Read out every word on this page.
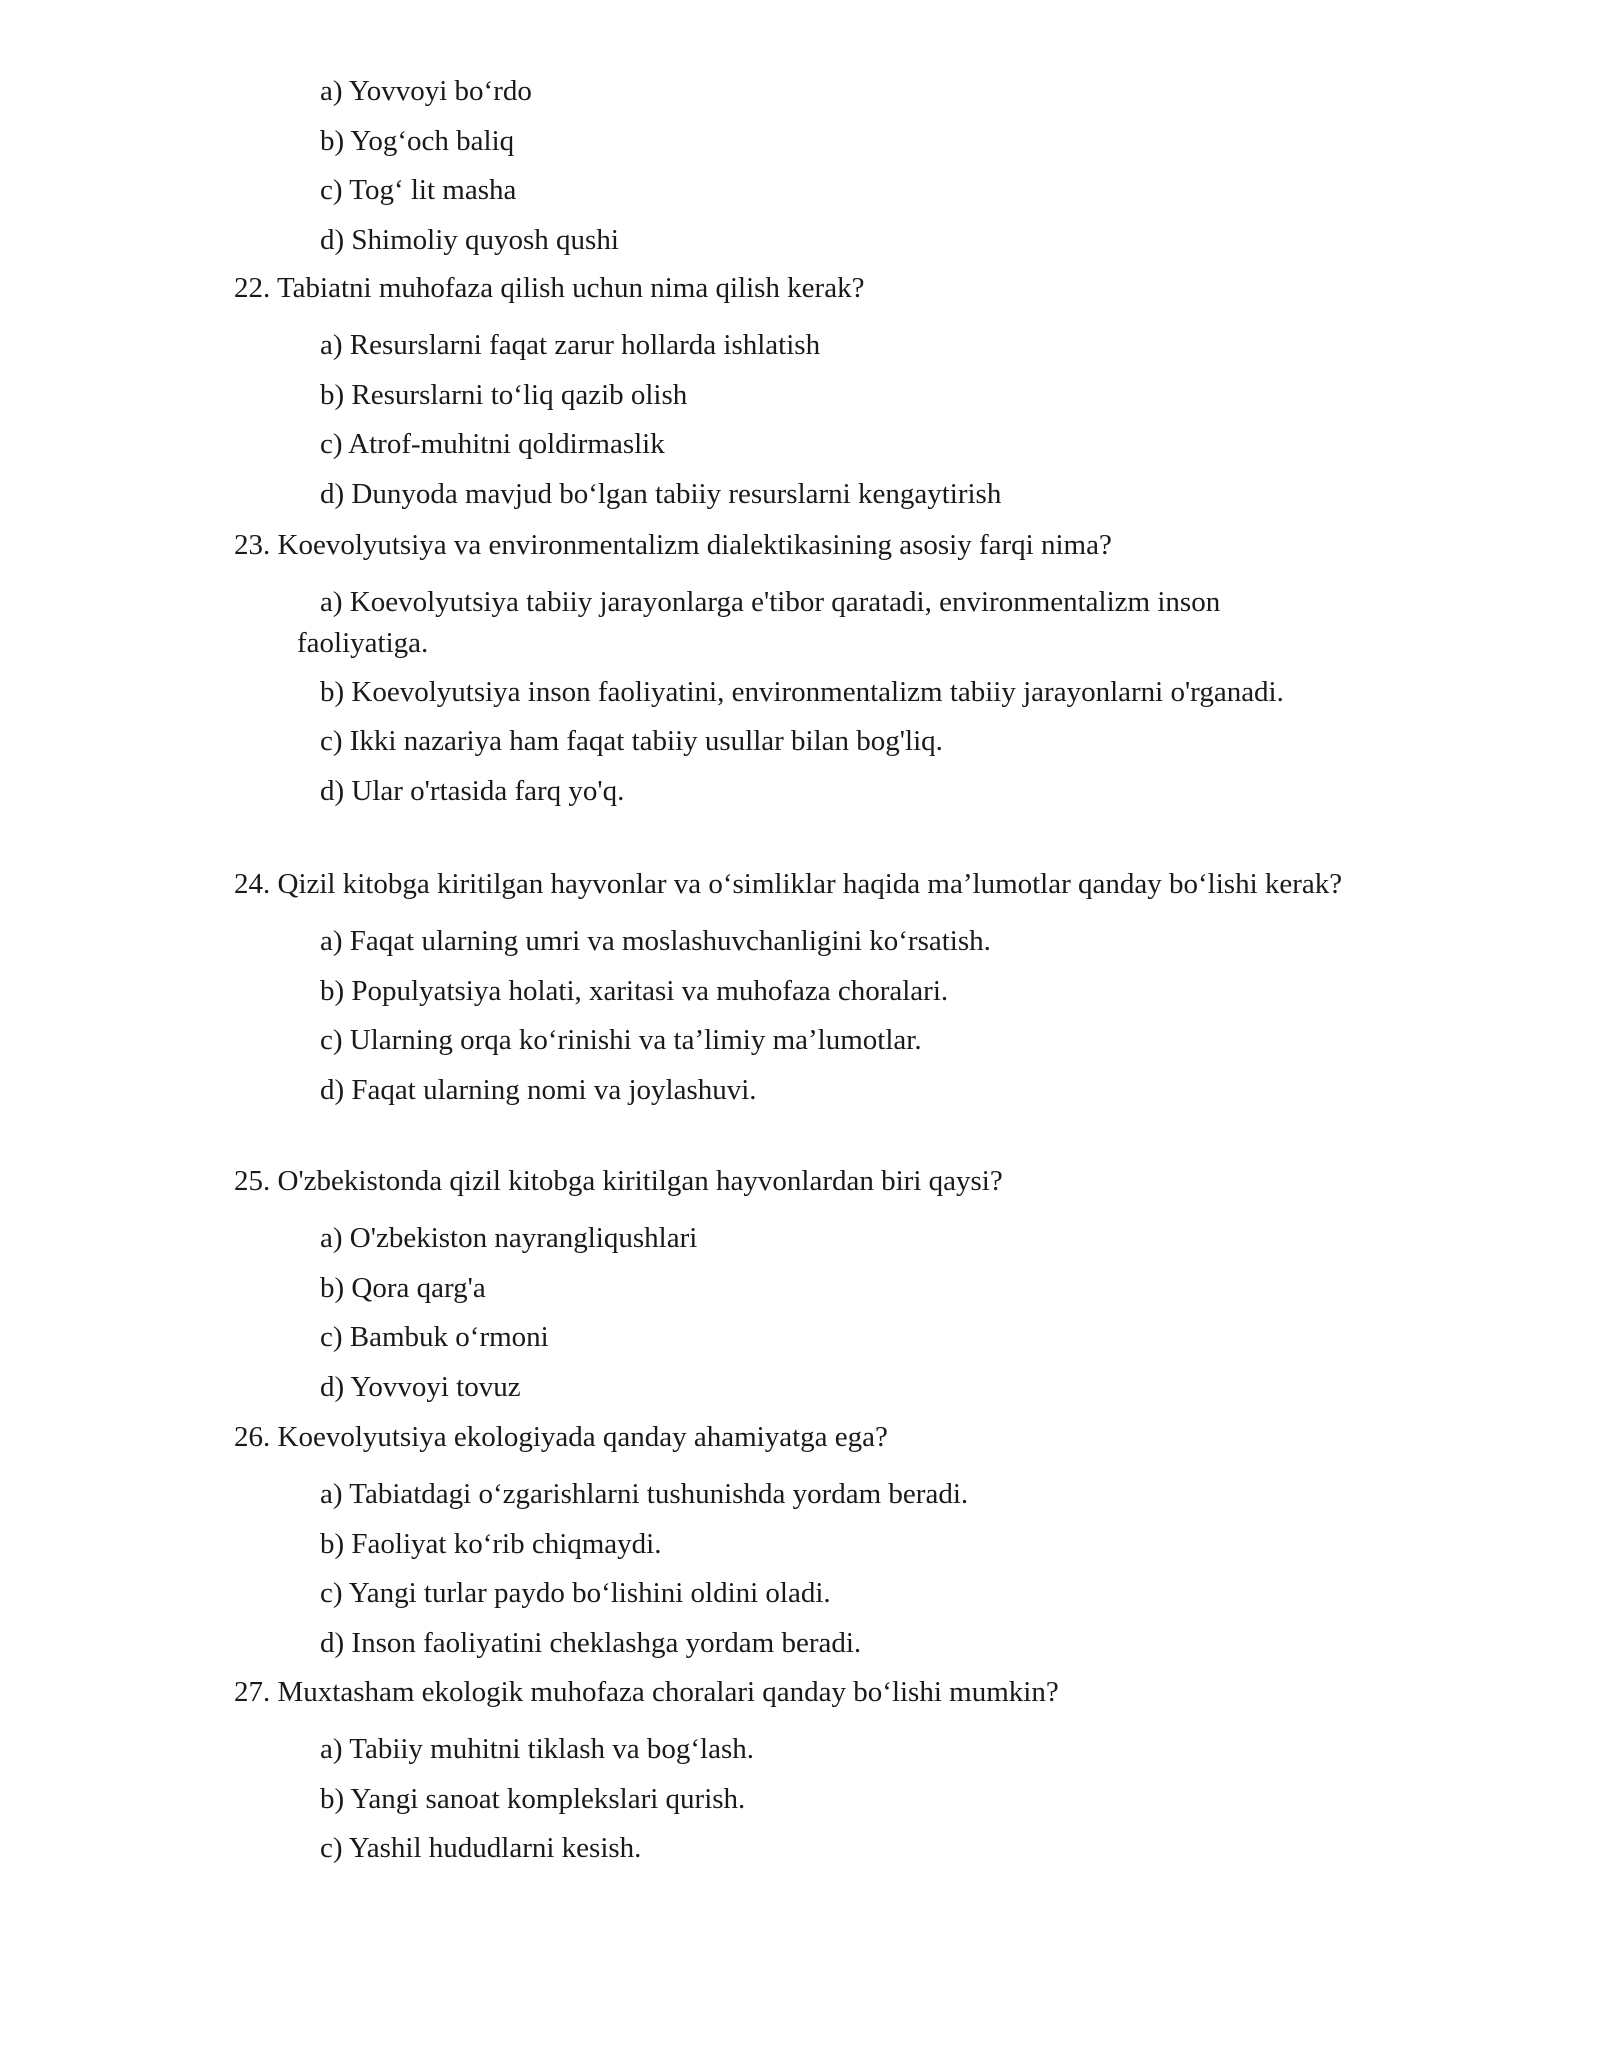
a) Yovvoyi bo‘rdo
b) Yog‘och baliq
c) Tog‘ lit masha
d) Shimoliy quyosh qushi
22. Tabiatni muhofaza qilish uchun nima qilish kerak?
a) Resurslarni faqat zarur hollarda ishlatish
b) Resurslarni to‘liq qazib olish
c) Atrof-muhitni qoldirmaslik
d) Dunyoda mavjud bo‘lgan tabiiy resurslarni kengaytirish
23. Koevolyutsiya va environmentalizm dialektikasining asosiy farqi nima?
a) Koevolyutsiya tabiiy jarayonlarga e'tibor qaratadi, environmentalizm inson faoliyatiga.
b) Koevolyutsiya inson faoliyatini, environmentalizm tabiiy jarayonlarni o'rganadi.
c) Ikki nazariya ham faqat tabiiy usullar bilan bog'liq.
d) Ular o'rtasida farq yo'q.
24. Qizil kitobga kiritilgan hayvonlar va o‘simliklar haqida ma’lumotlar qanday bo‘lishi kerak?
a) Faqat ularning umri va moslashuvchanligini ko‘rsatish.
b) Populyatsiya holati, xaritasi va muhofaza choralari.
c) Ularning orqa ko‘rinishi va ta’limiy ma’lumotlar.
d) Faqat ularning nomi va joylashuvi.
25. O'zbekistonda qizil kitobga kiritilgan hayvonlardan biri qaysi?
a) O'zbekiston nayrangliqushlari
b) Qora qarg'a
c) Bambuk o‘rmoni
d) Yovvoyi tovuz
26. Koevolyutsiya ekologiyada qanday ahamiyatga ega?
a) Tabiatdagi o‘zgarishlarni tushunishda yordam beradi.
b) Faoliyat ko‘rib chiqmaydi.
c) Yangi turlar paydo bo‘lishini oldini oladi.
d) Inson faoliyatini cheklashga yordam beradi.
27. Muxtasham ekologik muhofaza choralari qanday bo‘lishi mumkin?
a) Tabiiy muhitni tiklash va bog‘lash.
b) Yangi sanoat komplekslari qurish.
c) Yashil hududlarni kesish.
